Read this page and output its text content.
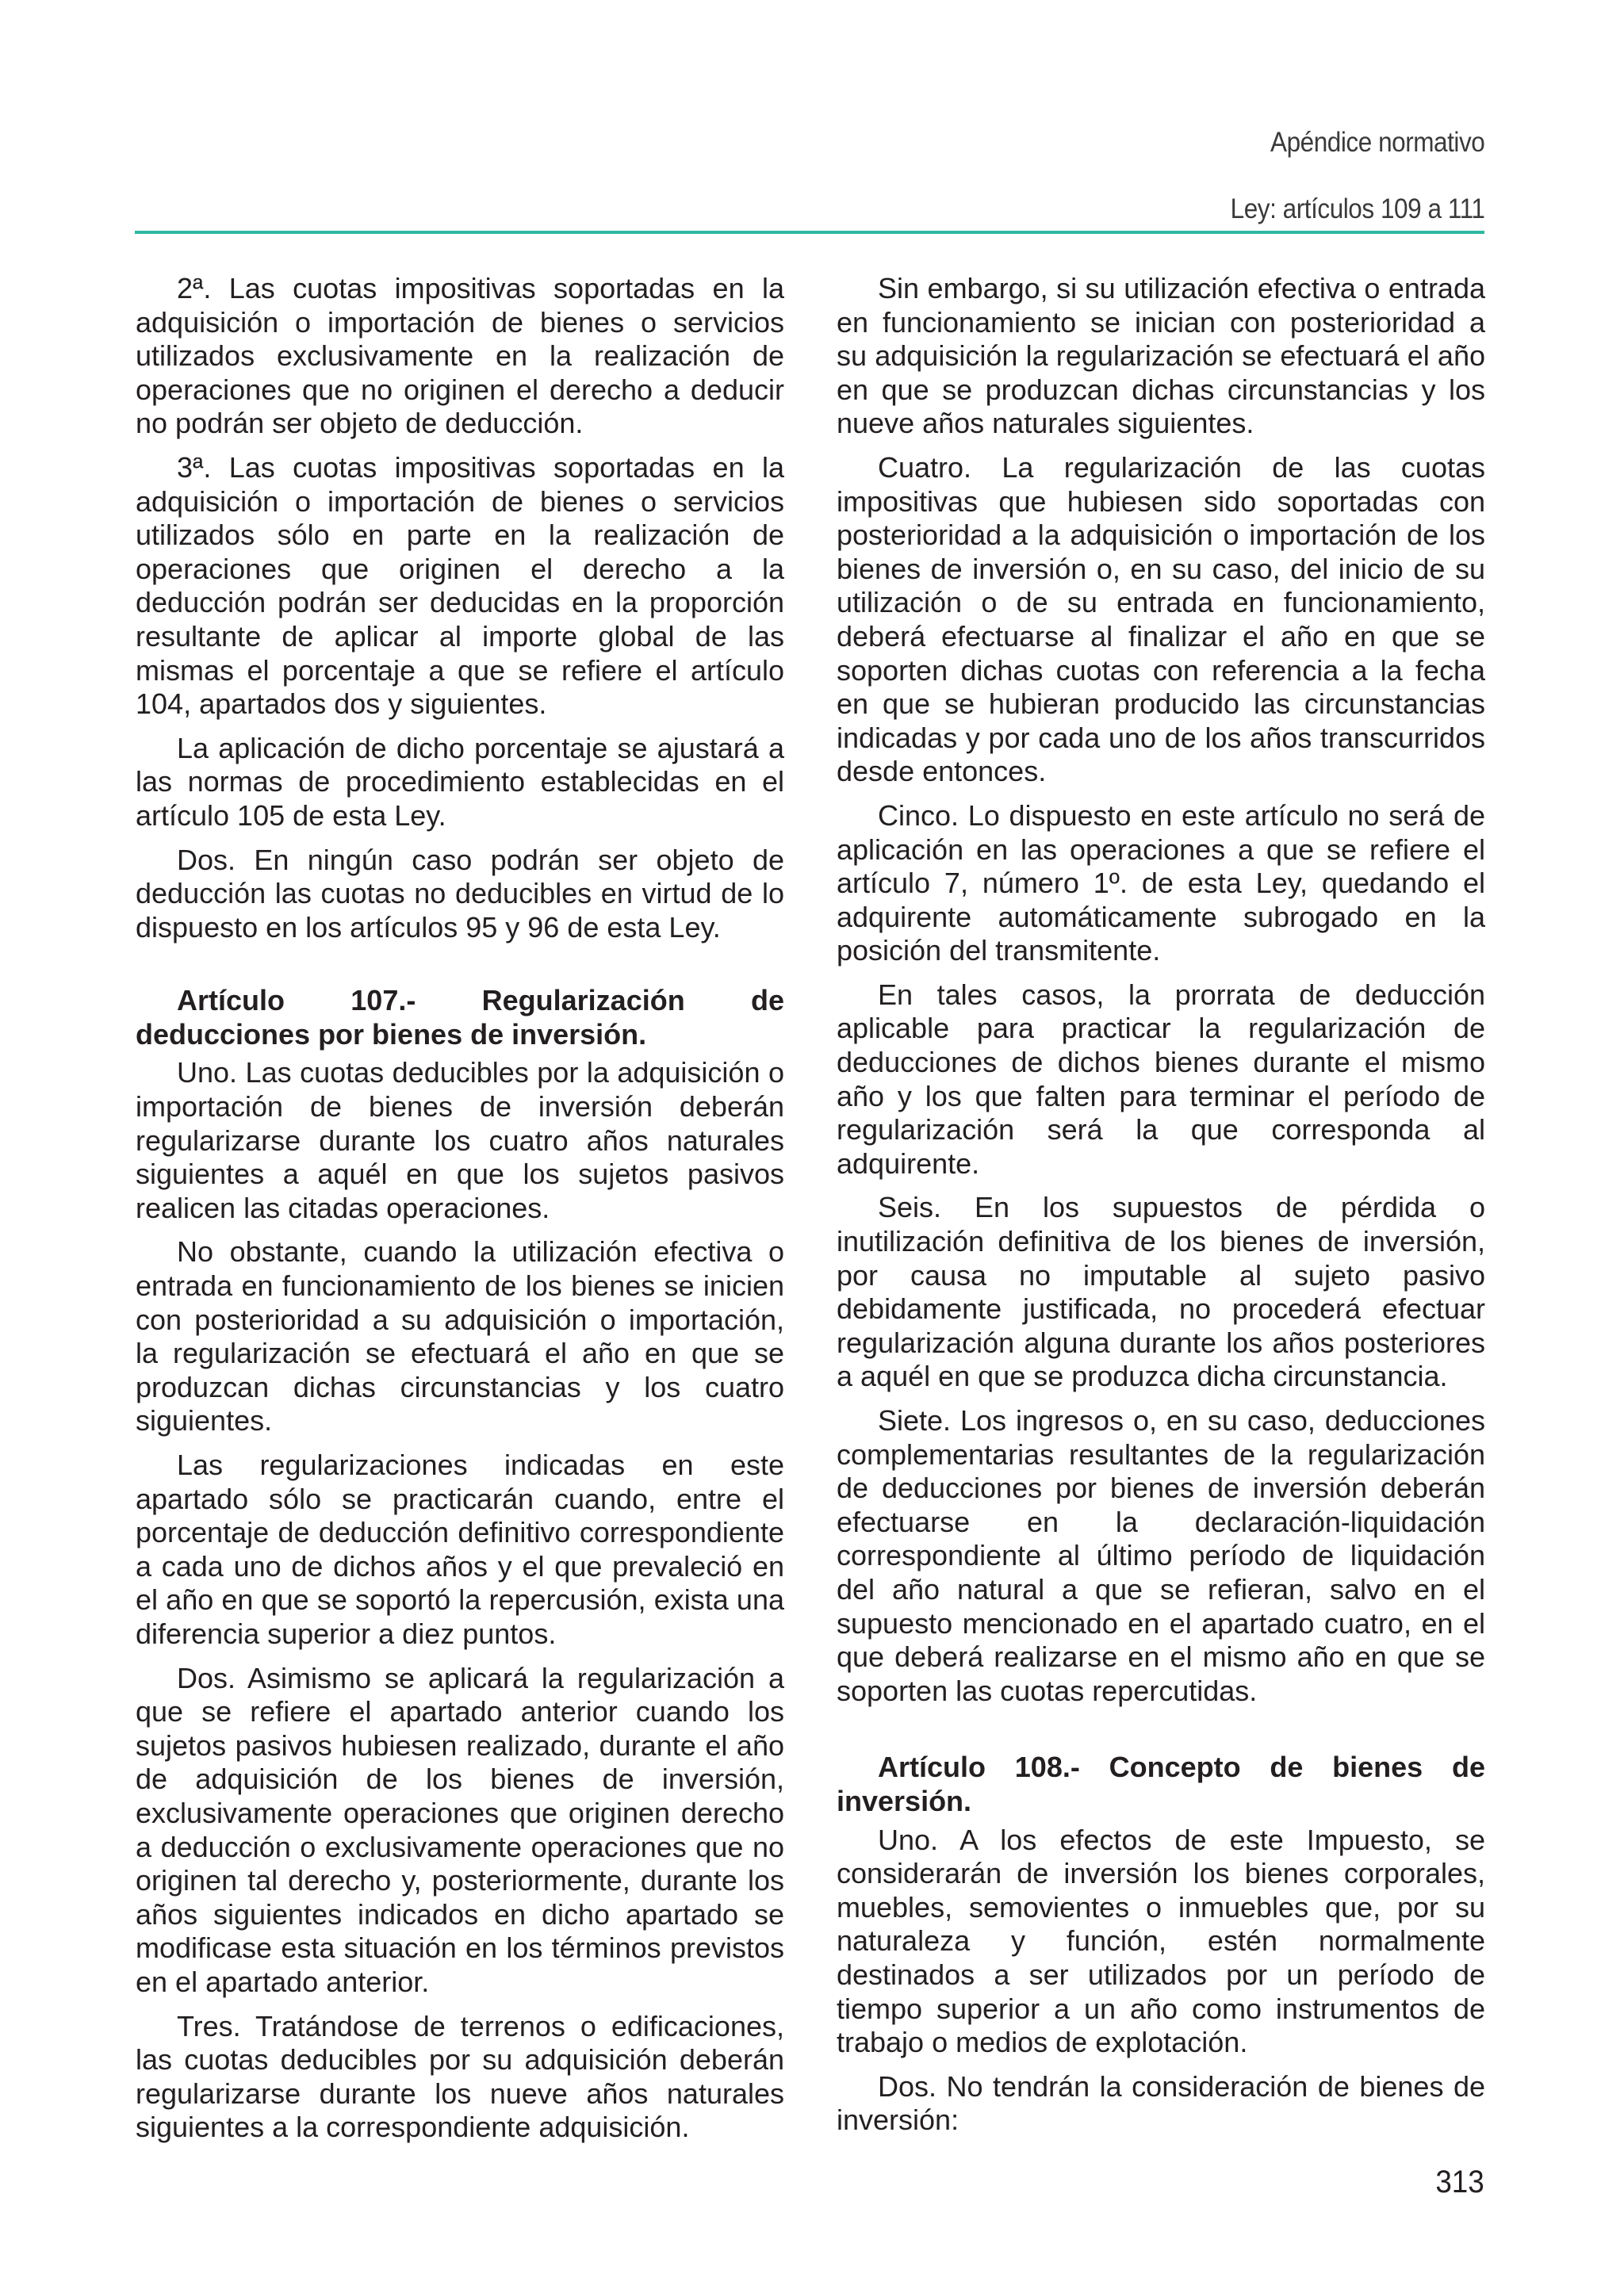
Apéndice normativo
Ley: artículos 109 a 111

2ª. Las cuotas impositivas soportadas en la adquisición o importación de bienes o servicios utilizados exclusivamente en la realización de operaciones que no originen el derecho a deducir no podrán ser objeto de deducción.

3ª. Las cuotas impositivas soportadas en la adquisición o importación de bienes o servicios utilizados sólo en parte en la realización de operaciones que originen el derecho a la deducción podrán ser deducidas en la proporción resultante de aplicar al importe global de las mismas el porcentaje a que se refiere el artículo 104, apartados dos y siguientes.

La aplicación de dicho porcentaje se ajustará a las normas de procedimiento establecidas en el artículo 105 de esta Ley.

Dos. En ningún caso podrán ser objeto de deducción las cuotas no deducibles en virtud de lo dispuesto en los artículos 95 y 96 de esta Ley.

Artículo 107.- Regularización de deducciones por bienes de inversión.

Uno. Las cuotas deducibles por la adquisición o importación de bienes de inversión deberán regularizarse durante los cuatro años naturales siguientes a aquél en que los sujetos pasivos realicen las citadas operaciones.

No obstante, cuando la utilización efectiva o entrada en funcionamiento de los bienes se inicien con posterioridad a su adquisición o importación, la regularización se efectuará el año en que se produzcan dichas circunstancias y los cuatro siguientes.

Las regularizaciones indicadas en este apartado sólo se practicarán cuando, entre el porcentaje de deducción definitivo correspondiente a cada uno de dichos años y el que prevaleció en el año en que se soportó la repercusión, exista una diferencia superior a diez puntos.

Dos. Asimismo se aplicará la regularización a que se refiere el apartado anterior cuando los sujetos pasivos hubiesen realizado, durante el año de adquisición de los bienes de inversión, exclusivamente operaciones que originen derecho a deducción o exclusivamente operaciones que no originen tal derecho y, posteriormente, durante los años siguientes indicados en dicho apartado se modificase esta situación en los términos previstos en el apartado anterior.

Tres. Tratándose de terrenos o edificaciones, las cuotas deducibles por su adquisición deberán regularizarse durante los nueve años naturales siguientes a la correspondiente adquisición.

Sin embargo, si su utilización efectiva o entrada en funcionamiento se inician con posterioridad a su adquisición la regularización se efectuará el año en que se produzcan dichas circunstancias y los nueve años naturales siguientes.

Cuatro. La regularización de las cuotas impositivas que hubiesen sido soportadas con posterioridad a la adquisición o importación de los bienes de inversión o, en su caso, del inicio de su utilización o de su entrada en funcionamiento, deberá efectuarse al finalizar el año en que se soporten dichas cuotas con referencia a la fecha en que se hubieran producido las circunstancias indicadas y por cada uno de los años transcurridos desde entonces.

Cinco. Lo dispuesto en este artículo no será de aplicación en las operaciones a que se refiere el artículo 7, número 1º. de esta Ley, quedando el adquirente automáticamente subrogado en la posición del transmitente.

En tales casos, la prorrata de deducción aplicable para practicar la regularización de deducciones de dichos bienes durante el mismo año y los que falten para terminar el período de regularización será la que corresponda al adquirente.

Seis. En los supuestos de pérdida o inutilización definitiva de los bienes de inversión, por causa no imputable al sujeto pasivo debidamente justificada, no procederá efectuar regularización alguna durante los años posteriores a aquél en que se produzca dicha circunstancia.

Siete. Los ingresos o, en su caso, deducciones complementarias resultantes de la regularización de deducciones por bienes de inversión deberán efectuarse en la declaración-liquidación correspondiente al último período de liquidación del año natural a que se refieran, salvo en el supuesto mencionado en el apartado cuatro, en el que deberá realizarse en el mismo año en que se soporten las cuotas repercutidas.

Artículo 108.- Concepto de bienes de inversión.

Uno. A los efectos de este Impuesto, se considerarán de inversión los bienes corporales, muebles, semovientes o inmuebles que, por su naturaleza y función, estén normalmente destinados a ser utilizados por un período de tiempo superior a un año como instrumentos de trabajo o medios de explotación.

Dos. No tendrán la consideración de bienes de inversión:

313
